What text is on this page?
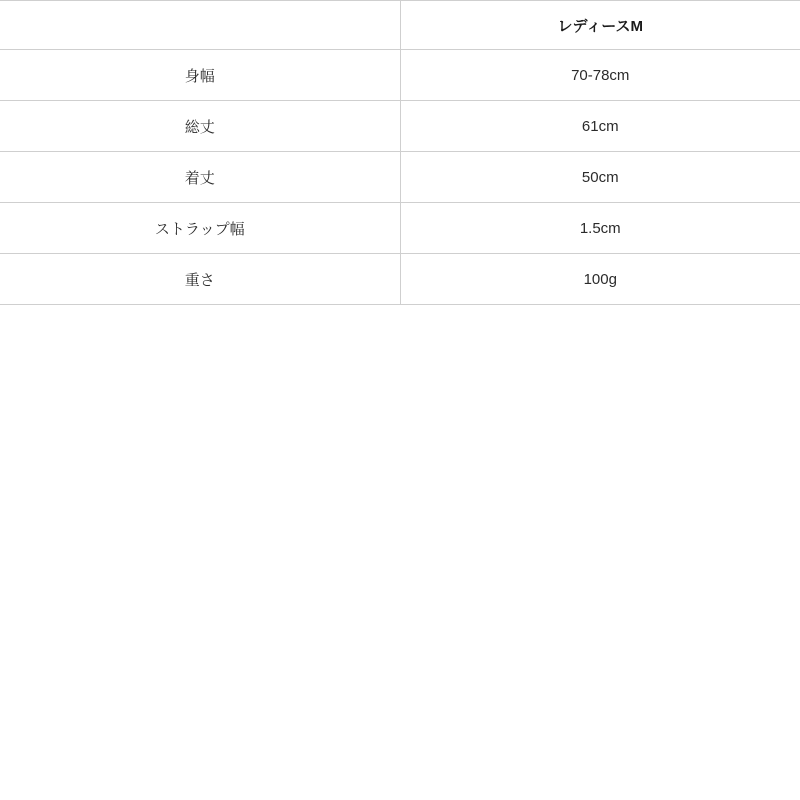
	レディースM
身幅	70-78cm
総丈	61cm
着丈	50cm
ストラップ幅	1.5cm
重さ	100g
